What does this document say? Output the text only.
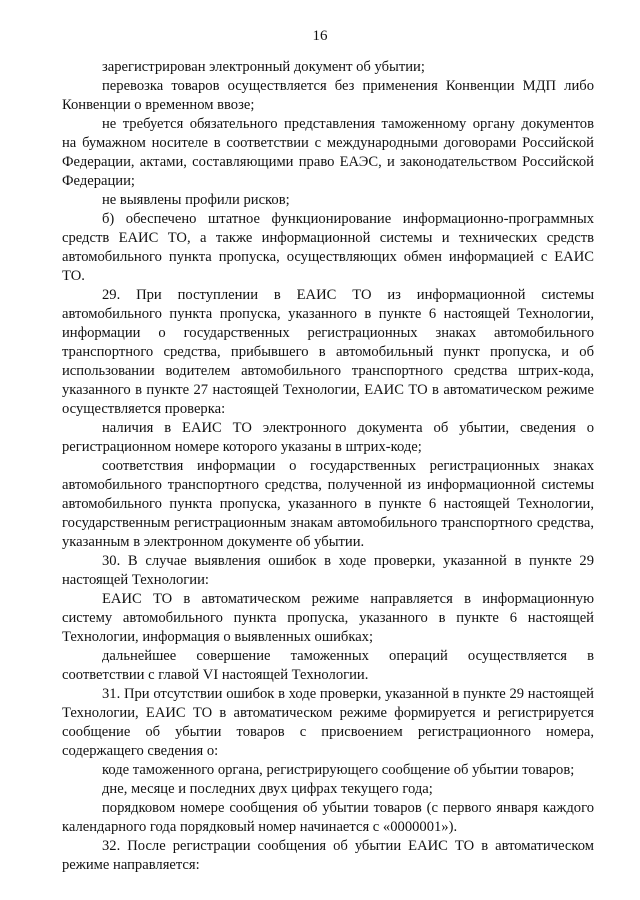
16

зарегистрирован электронный документ об убытии;

перевозка товаров осуществляется без применения Конвенции МДП либо Конвенции о временном ввозе;

не требуется обязательного представления таможенному органу документов на бумажном носителе в соответствии с международными договорами Российской Федерации, актами, составляющими право ЕАЭС, и законодательством Российской Федерации;

не выявлены профили рисков;

б) обеспечено штатное функционирование информационно-программных средств ЕАИС ТО, а также информационной системы и технических средств автомобильного пункта пропуска, осуществляющих обмен информацией с ЕАИС ТО.

29. При поступлении в ЕАИС ТО из информационной системы автомобильного пункта пропуска, указанного в пункте 6 настоящей Технологии, информации о государственных регистрационных знаках автомобильного транспортного средства, прибывшего в автомобильный пункт пропуска, и об использовании водителем автомобильного транспортного средства штрих-кода, указанного в пункте 27 настоящей Технологии, ЕАИС ТО в автоматическом режиме осуществляется проверка:

наличия в ЕАИС ТО электронного документа об убытии, сведения о регистрационном номере которого указаны в штрих-коде;

соответствия информации о государственных регистрационных знаках автомобильного транспортного средства, полученной из информационной системы автомобильного пункта пропуска, указанного в пункте 6 настоящей Технологии, государственным регистрационным знакам автомобильного транспортного средства, указанным в электронном документе об убытии.

30. В случае выявления ошибок в ходе проверки, указанной в пункте 29 настоящей Технологии:

ЕАИС ТО в автоматическом режиме направляется в информационную систему автомобильного пункта пропуска, указанного в пункте 6 настоящей Технологии, информация о выявленных ошибках;

дальнейшее совершение таможенных операций осуществляется в соответствии с главой VI настоящей Технологии.

31. При отсутствии ошибок в ходе проверки, указанной в пункте 29 настоящей Технологии, ЕАИС ТО в автоматическом режиме формируется и регистрируется сообщение об убытии товаров с присвоением регистрационного номера, содержащего сведения о:

коде таможенного органа, регистрирующего сообщение об убытии товаров;

дне, месяце и последних двух цифрах текущего года;

порядковом номере сообщения об убытии товаров (с первого января каждого календарного года порядковый номер начинается с «0000001»).

32. После регистрации сообщения об убытии ЕАИС ТО в автоматическом режиме направляется:
